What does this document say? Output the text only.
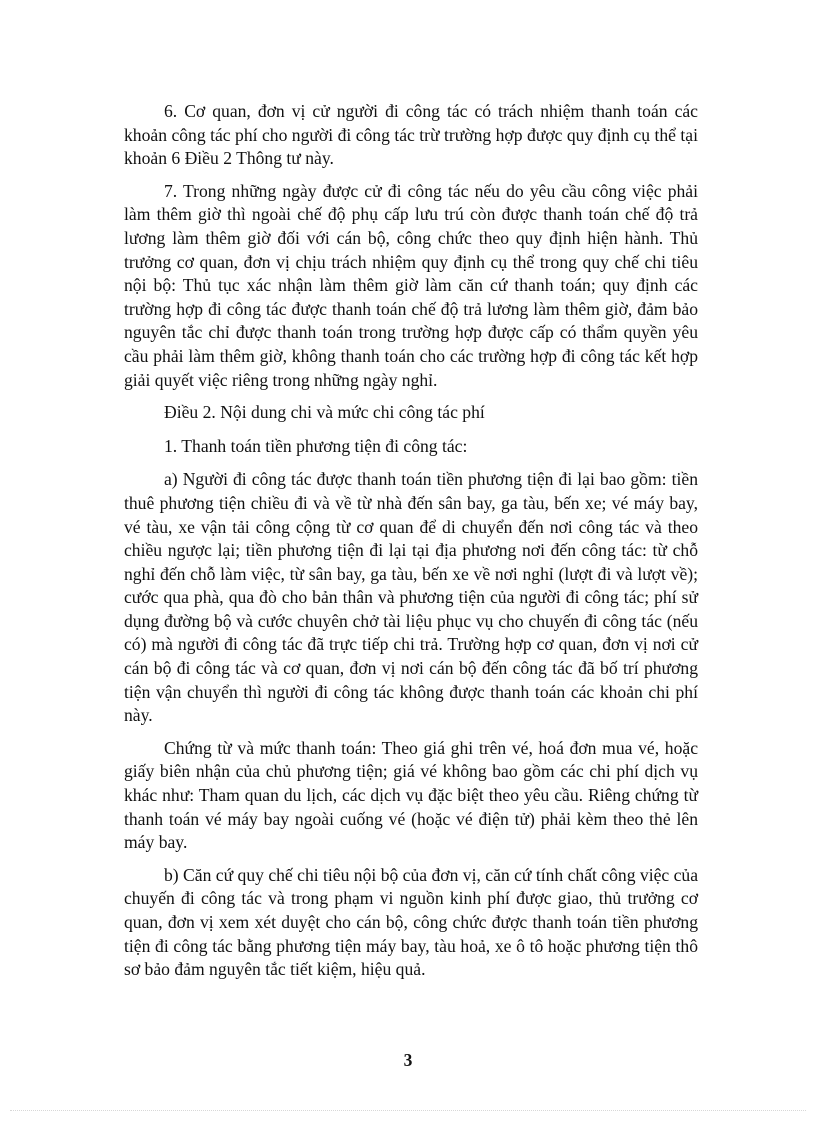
6. Cơ quan, đơn vị cử người đi công tác có trách nhiệm thanh toán các khoản công tác phí cho người đi công tác trừ trường hợp được quy định cụ thể tại khoản 6 Điều 2 Thông tư này.

7. Trong những ngày được cử đi công tác nếu do yêu cầu công việc phải làm thêm giờ thì ngoài chế độ phụ cấp lưu trú còn được thanh toán chế độ trả lương làm thêm giờ đối với cán bộ, công chức theo quy định hiện hành. Thủ trưởng cơ quan, đơn vị chịu trách nhiệm quy định cụ thể trong quy chế chi tiêu nội bộ: Thủ tục xác nhận làm thêm giờ làm căn cứ thanh toán; quy định các trường hợp đi công tác được thanh toán chế độ trả lương làm thêm giờ, đảm bảo nguyên tắc chỉ được thanh toán trong trường hợp được cấp có thẩm quyền yêu cầu phải làm thêm giờ, không thanh toán cho các trường hợp đi công tác kết hợp giải quyết việc riêng trong những ngày nghỉ.

Điều 2. Nội dung chi và mức chi công tác phí

1. Thanh toán tiền phương tiện đi công tác:

a) Người đi công tác được thanh toán tiền phương tiện đi lại bao gồm: tiền thuê phương tiện chiều đi và về từ nhà đến sân bay, ga tàu, bến xe; vé máy bay, vé tàu, xe vận tải công cộng từ cơ quan để di chuyển đến nơi công tác và theo chiều ngược lại; tiền phương tiện đi lại tại địa phương nơi đến công tác: từ chỗ nghỉ đến chỗ làm việc, từ sân bay, ga tàu, bến xe về nơi nghỉ (lượt đi và lượt về); cước qua phà, qua đò cho bản thân và phương tiện của người đi công tác; phí sử dụng đường bộ và cước chuyên chở tài liệu phục vụ cho chuyến đi công tác (nếu có) mà người đi công tác đã trực tiếp chi trả. Trường hợp cơ quan, đơn vị nơi cử cán bộ đi công tác và cơ quan, đơn vị nơi cán bộ đến công tác đã bố trí phương tiện vận chuyển thì người đi công tác không được thanh toán các khoản chi phí này.

Chứng từ và mức thanh toán: Theo giá ghi trên vé, hoá đơn mua vé, hoặc giấy biên nhận của chủ phương tiện; giá vé không bao gồm các chi phí dịch vụ khác như: Tham quan du lịch, các dịch vụ đặc biệt theo yêu cầu. Riêng chứng từ thanh toán vé máy bay ngoài cuống vé (hoặc vé điện tử) phải kèm theo thẻ lên máy bay.

b) Căn cứ quy chế chi tiêu nội bộ của đơn vị, căn cứ tính chất công việc của chuyến đi công tác và trong phạm vi nguồn kinh phí được giao, thủ trưởng cơ quan, đơn vị xem xét duyệt cho cán bộ, công chức được thanh toán tiền phương tiện đi công tác bằng phương tiện máy bay, tàu hoả, xe ô tô hoặc phương tiện thô sơ bảo đảm nguyên tắc tiết kiệm, hiệu quả.

3
